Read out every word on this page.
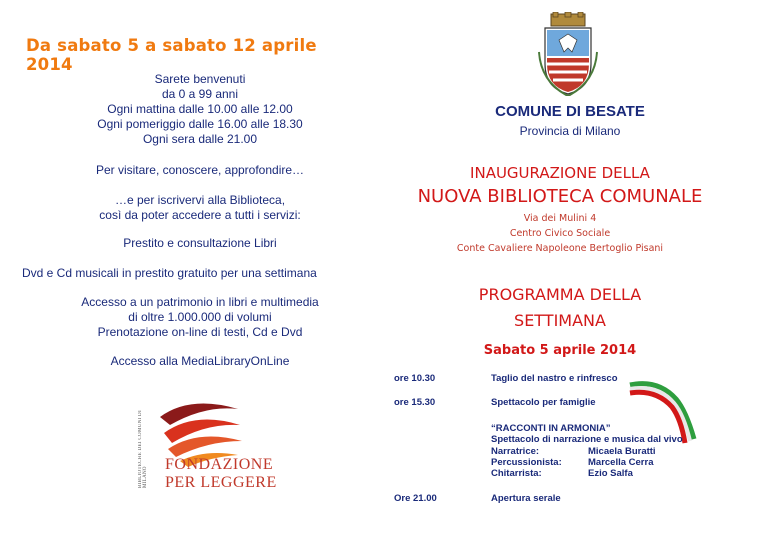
Da sabato 5 a sabato 12 aprile 2014
Sarete benvenuti
da 0 a 99 anni
Ogni mattina dalle 10.00 alle 12.00
Ogni pomeriggio dalle 16.00 alle 18.30
Ogni sera dalle 21.00
Per visitare, conoscere, approfondire…
…e per iscrivervi alla Biblioteca,
così da poter accedere a tutti i servizi:
Prestito e consultazione Libri
Dvd e Cd musicali in prestito gratuito per una settimana
Accesso a un patrimonio in libri e multimedia
di oltre 1.000.000 di volumi
Prenotazione on-line di testi, Cd e Dvd
Accesso alla MediaLibraryOnLine
BIBLIOTECHE DEI COMUNI DI MILANO
FONDAZIONE
PER LEGGERE
COMUNE DI BESATE
Provincia di Milano
INAUGURAZIONE DELLA
NUOVA BIBLIOTECA COMUNALE
Via dei Mulini 4
Centro Civico Sociale
Conte Cavaliere Napoleone Bertoglio Pisani
PROGRAMMA DELLA
SETTIMANA
Sabato 5 aprile 2014
ore 10.30	Taglio del nastro e rinfresco
ore 15.30	Spettacolo per famiglie
“RACCONTI IN ARMONIA”
Spettacolo di narrazione e musica dal vivo
Narratrice:	Micaela Buratti
Percussionista:	Marcella Cerra
Chitarrista:	Ezio Salfa
Ore 21.00	Apertura serale
